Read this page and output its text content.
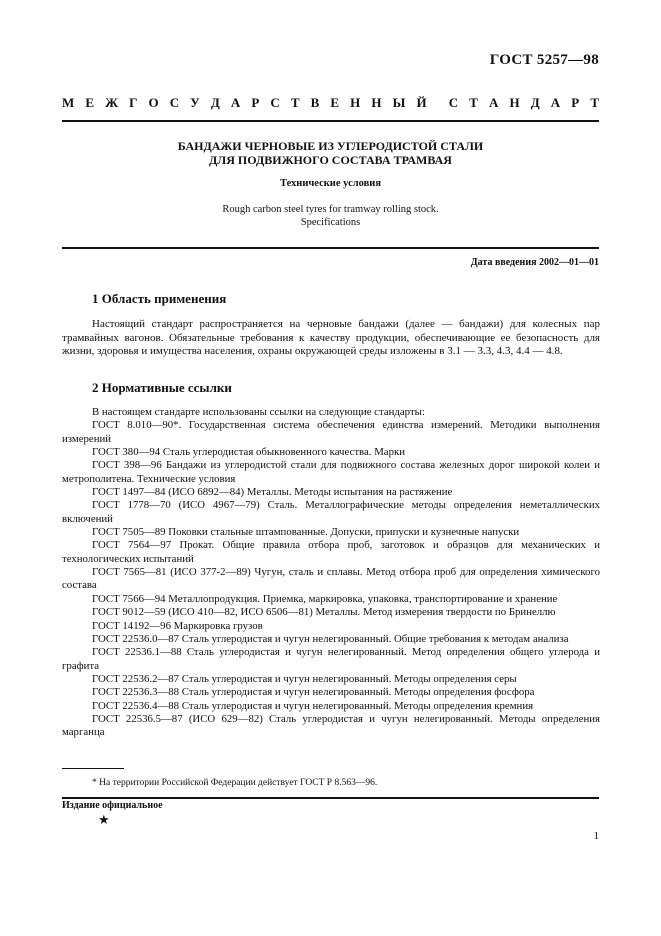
ГОСТ 5257—98
М Е Ж Г О С У Д А Р С Т В Е Н Н Ы Й С Т А Н Д А Р Т
БАНДАЖИ ЧЕРНОВЫЕ ИЗ УГЛЕРОДИСТОЙ СТАЛИ
ДЛЯ ПОДВИЖНОГО СОСТАВА ТРАМВАЯ
Технические условия
Rough carbon steel tyres for tramway rolling stock.
Specifications
Дата введения 2002—01—01
1 Область применения
Настоящий стандарт распространяется на черновые бандажи (далее — бандажи) для колесных пар трамвайных вагонов. Обязательные требования к качеству продукции, обеспечивающие ее безопасность для жизни, здоровья и имущества населения, охраны окружающей среды изложены в 3.1 — 3.3, 4.3, 4.4 — 4.8.
2 Нормативные ссылки
В настоящем стандарте использованы ссылки на следующие стандарты:
ГОСТ 8.010—90*. Государственная система обеспечения единства измерений. Методики выполнения измерений
ГОСТ 380—94 Сталь углеродистая обыкновенного качества. Марки
ГОСТ 398—96 Бандажи из углеродистой стали для подвижного состава железных дорог широкой колеи и метрополитена. Технические условия
ГОСТ 1497—84 (ИСО 6892—84) Металлы. Методы испытания на растяжение
ГОСТ 1778—70 (ИСО 4967—79) Сталь. Металлографические методы определения неметаллических включений
ГОСТ 7505—89 Поковки стальные штампованные. Допуски, припуски и кузнечные напуски
ГОСТ 7564—97 Прокат. Общие правила отбора проб, заготовок и образцов для механических и технологических испытаний
ГОСТ 7565—81 (ИСО 377-2—89) Чугун, сталь и сплавы. Метод отбора проб для определения химического состава
ГОСТ 7566—94 Металлопродукция. Приемка, маркировка, упаковка, транспортирование и хранение
ГОСТ 9012—59 (ИСО 410—82, ИСО 6506—81) Металлы. Метод измерения твердости по Бринеллю
ГОСТ 14192—96 Маркировка грузов
ГОСТ 22536.0—87 Сталь углеродистая и чугун нелегированный. Общие требования к методам анализа
ГОСТ 22536.1—88 Сталь углеродистая и чугун нелегированный. Метод определения общего углерода и графита
ГОСТ 22536.2—87 Сталь углеродистая и чугун нелегированный. Методы определения серы
ГОСТ 22536.3—88 Сталь углеродистая и чугун нелегированный. Методы определения фосфора
ГОСТ 22536.4—88 Сталь углеродистая и чугун нелегированный. Методы определения кремния
ГОСТ 22536.5—87 (ИСО 629—82) Сталь углеродистая и чугун нелегированный. Методы определения марганца
* На территории Российской Федерации действует ГОСТ Р 8.563—96.
Издание официальное
★
1
